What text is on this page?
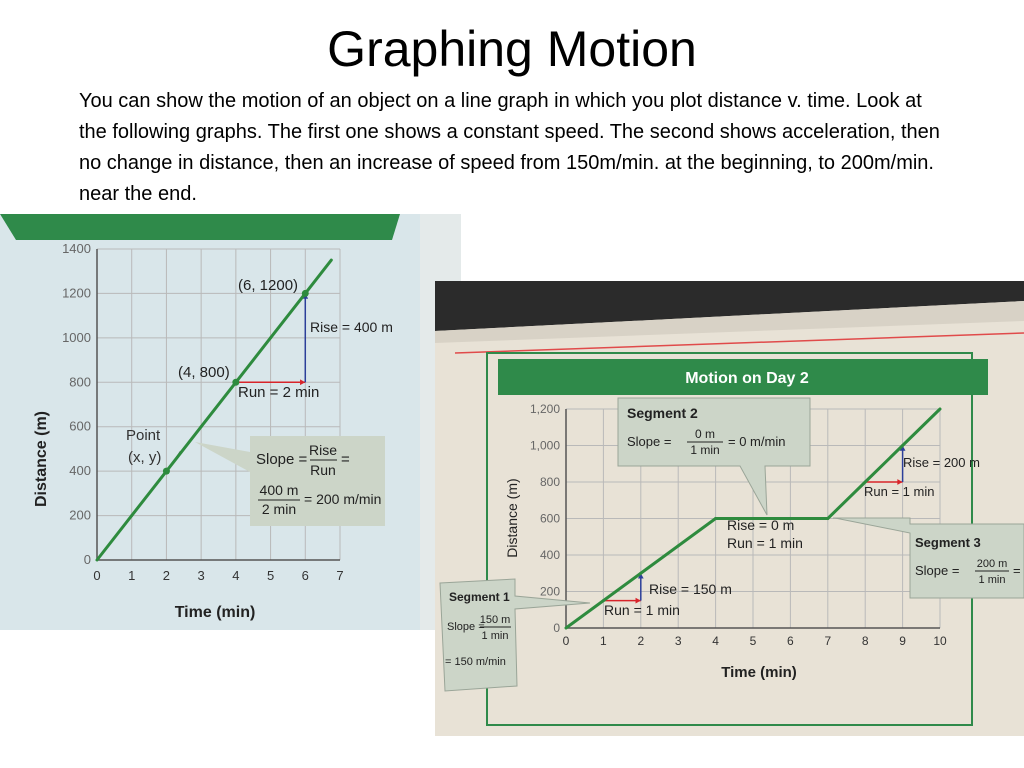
Graphing Motion
You can show the motion of an object on a line graph in which you plot distance v. time. Look at the following graphs. The first one shows a constant speed. The second shows acceleration, then no change in distance, then an increase of speed from 150m/min. at the beginning, to 200m/min. near the end.
0 1 2 3 4 5 6 7
0
200
400
600
800
1000
1200
1400
Time (min)
Distance (m)
(6, 1200)
(4, 800)
Point
(x, y)
Rise = 400 m
Run = 2 min
Slope =
Rise
Run
=
400 m
2 min
= 200 m/min
Motion on Day 2
0	1	2	3	4	5	6	7	8	9 10
0
200
400
600
800
1,000
1,200
Time (min)
Distance (m)
Rise = 150 m
Run = 1 min
Rise = 0 m
Run = 1 min
Rise = 200 m
Run = 1 min
Segment 1
Slope =
150 m
1 min
= 150 m/min
Segment 2
Slope = 0 m
1 min
= 0 m/min
Segment 3
Slope = 200 m
1 min
=
